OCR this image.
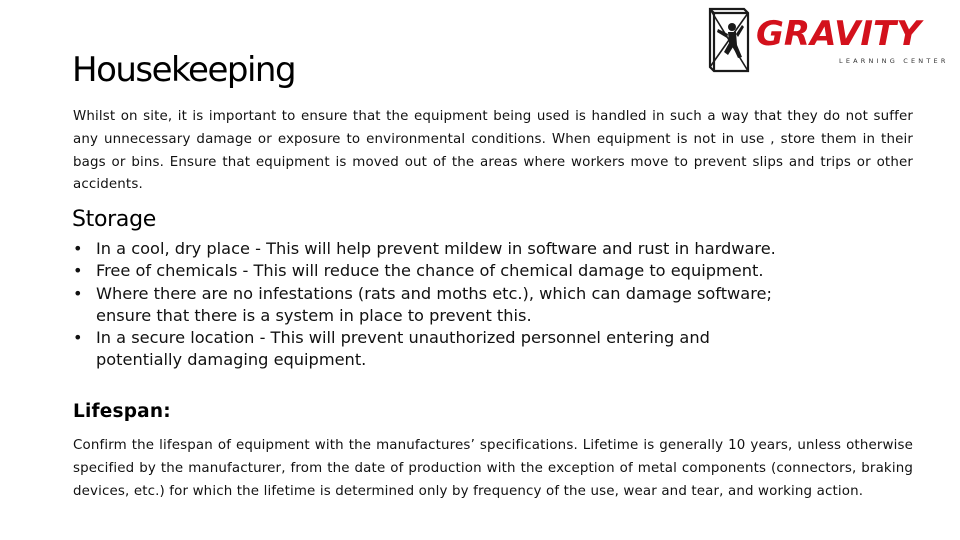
GRAVITY
LEARNING CENTER
Housekeeping

Whilst on site, it is important to ensure that the equipment being used is handled in such a way that they do not suffer any unnecessary damage or exposure to environmental conditions. When equipment is not in use , store them in their bags or bins. Ensure that equipment is moved out of the areas where workers move to prevent slips and trips or other accidents.

Storage
• In a cool, dry place - This will help prevent mildew in software and rust in hardware.
• Free of chemicals - This will reduce the chance of chemical damage to equipment.
• Where there are no infestations (rats and moths etc.), which can damage software; ensure that there is a system in place to prevent this.
• In a secure location - This will prevent unauthorized personnel entering and potentially damaging equipment.
Lifespan:

Confirm the lifespan of equipment with the manufactures’ specifications. Lifetime is generally 10 years, unless otherwise specified by the manufacturer, from the date of production with the exception of metal components (connectors, braking devices, etc.) for which the lifetime is determined only by frequency of the use, wear and tear, and working action.
